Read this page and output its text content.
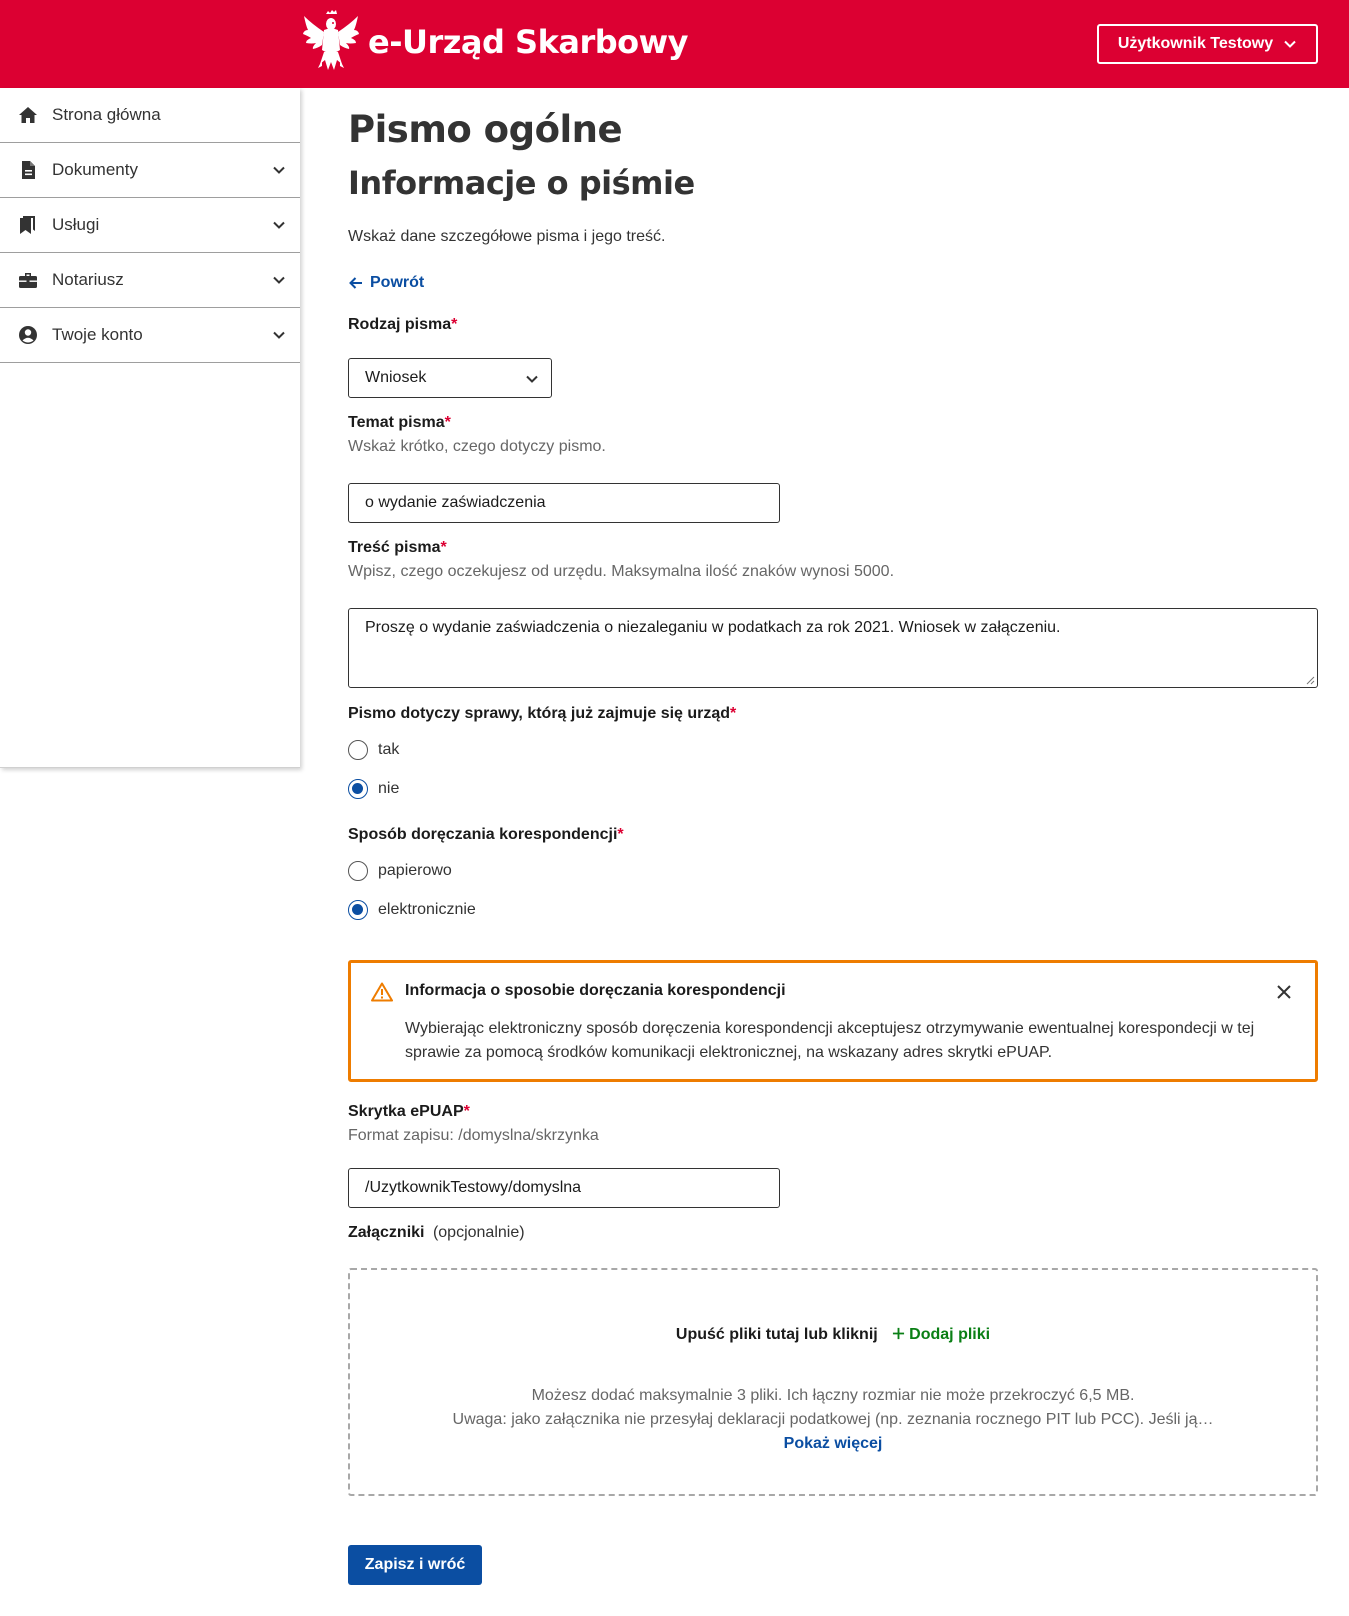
e-Urząd Skarbowy	Użytkownik Testowy
Strona główna
Dokumenty
Usługi
Notariusz
Twoje konto
Pismo ogólne
Informacje o piśmie
Wskaż dane szczegółowe pisma i jego treść.
Powrót
Rodzaj pisma*
Wniosek
Temat pisma*
Wskaż krótko, czego dotyczy pismo.
o wydanie zaświadczenia
Treść pisma*
Wpisz, czego oczekujesz od urzędu. Maksymalna ilość znaków wynosi 5000.
Proszę o wydanie zaświadczenia o niezaleganiu w podatkach za rok 2021. Wniosek w załączeniu.
Pismo dotyczy sprawy, którą już zajmuje się urząd*
tak
nie
Sposób doręczania korespondencji*
papierowo
elektronicznie
Informacja o sposobie doręczania korespondencji
Wybierając elektroniczny sposób doręczenia korespondencji akceptujesz otrzymywanie ewentualnej korespondecji w tej sprawie za pomocą środków komunikacji elektronicznej, na wskazany adres skrytki ePUAP.
Skrytka ePUAP*
Format zapisu: /domyslna/skrzynka
/UzytkownikTestowy/domyslna
Załączniki (opcjonalnie)
Upuść pliki tutaj lub kliknij Dodaj pliki
Możesz dodać maksymalnie 3 pliki. Ich łączny rozmiar nie może przekroczyć 6,5 MB.
Uwaga: jako załącznika nie przesyłaj deklaracji podatkowej (np. zeznania rocznego PIT lub PCC). Jeśli ją…
Pokaż więcej
Zapisz i wróć
